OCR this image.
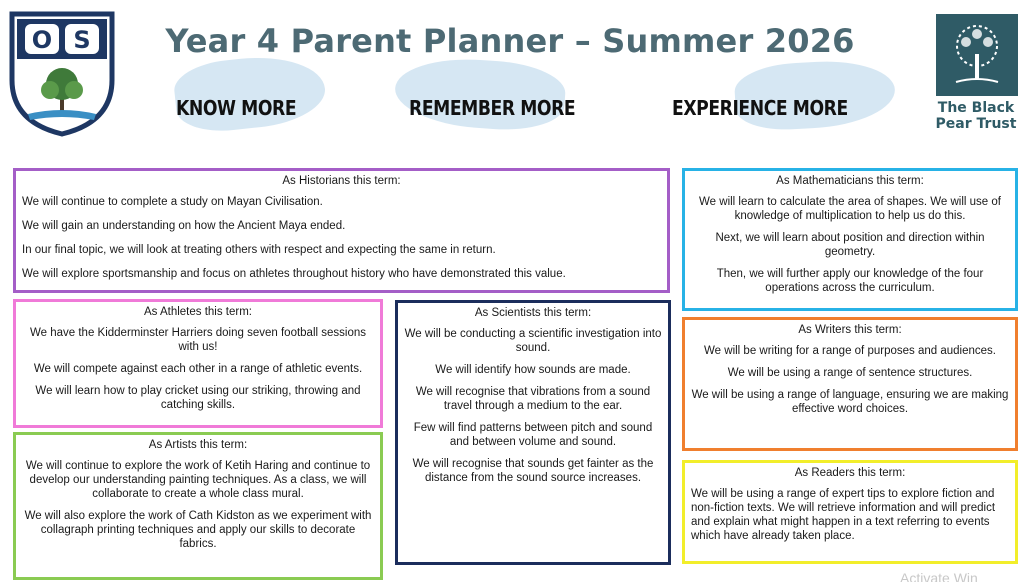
O S Year 4 Parent Planner – Summer 2026
KNOW MORE	REMEMBER MORE	EXPERIENCE MORE	The Black
Pear Trust
As Historians this term:

We will continue to complete a study on Mayan Civilisation.

We will gain an understanding on how the Ancient Maya ended.

In our final topic, we will look at treating others with respect and expecting the same in return.

We will explore sportsmanship and focus on athletes throughout history who have demonstrated this value.

As Athletes this term:

We have the Kidderminster Harriers doing seven football sessions with us!

We will compete against each other in a range of athletic events.

We will learn how to play cricket using our striking, throwing and catching skills.

As Artists this term:

We will continue to explore the work of Ketih Haring and continue to develop our understanding painting techniques. As a class, we will collaborate to create a whole class mural.

We will also explore the work of Cath Kidston as we experiment with collagraph printing techniques and apply our skills to decorate fabrics.

As Scientists this term:

We will be conducting a scientific investigation into sound.

We will identify how sounds are made.

We will recognise that vibrations from a sound travel through a medium to the ear.

Few will find patterns between pitch and sound and between volume and sound.

We will recognise that sounds get fainter as the distance from the sound source increases.

As Mathematicians this term:

We will learn to calculate the area of shapes. We will use of knowledge of multiplication to help us do this.

Next, we will learn about position and direction within geometry.

Then, we will further apply our knowledge of the four operations across the curriculum.

As Writers this term:

We will be writing for a range of purposes and audiences.

We will be using a range of sentence structures.

We will be using a range of language, ensuring we are making effective word choices.

As Readers this term:

We will be using a range of expert tips to explore fiction and non-fiction texts. We will retrieve information and will predict and explain what might happen in a text referring to events which have already taken place.

Activate Win
